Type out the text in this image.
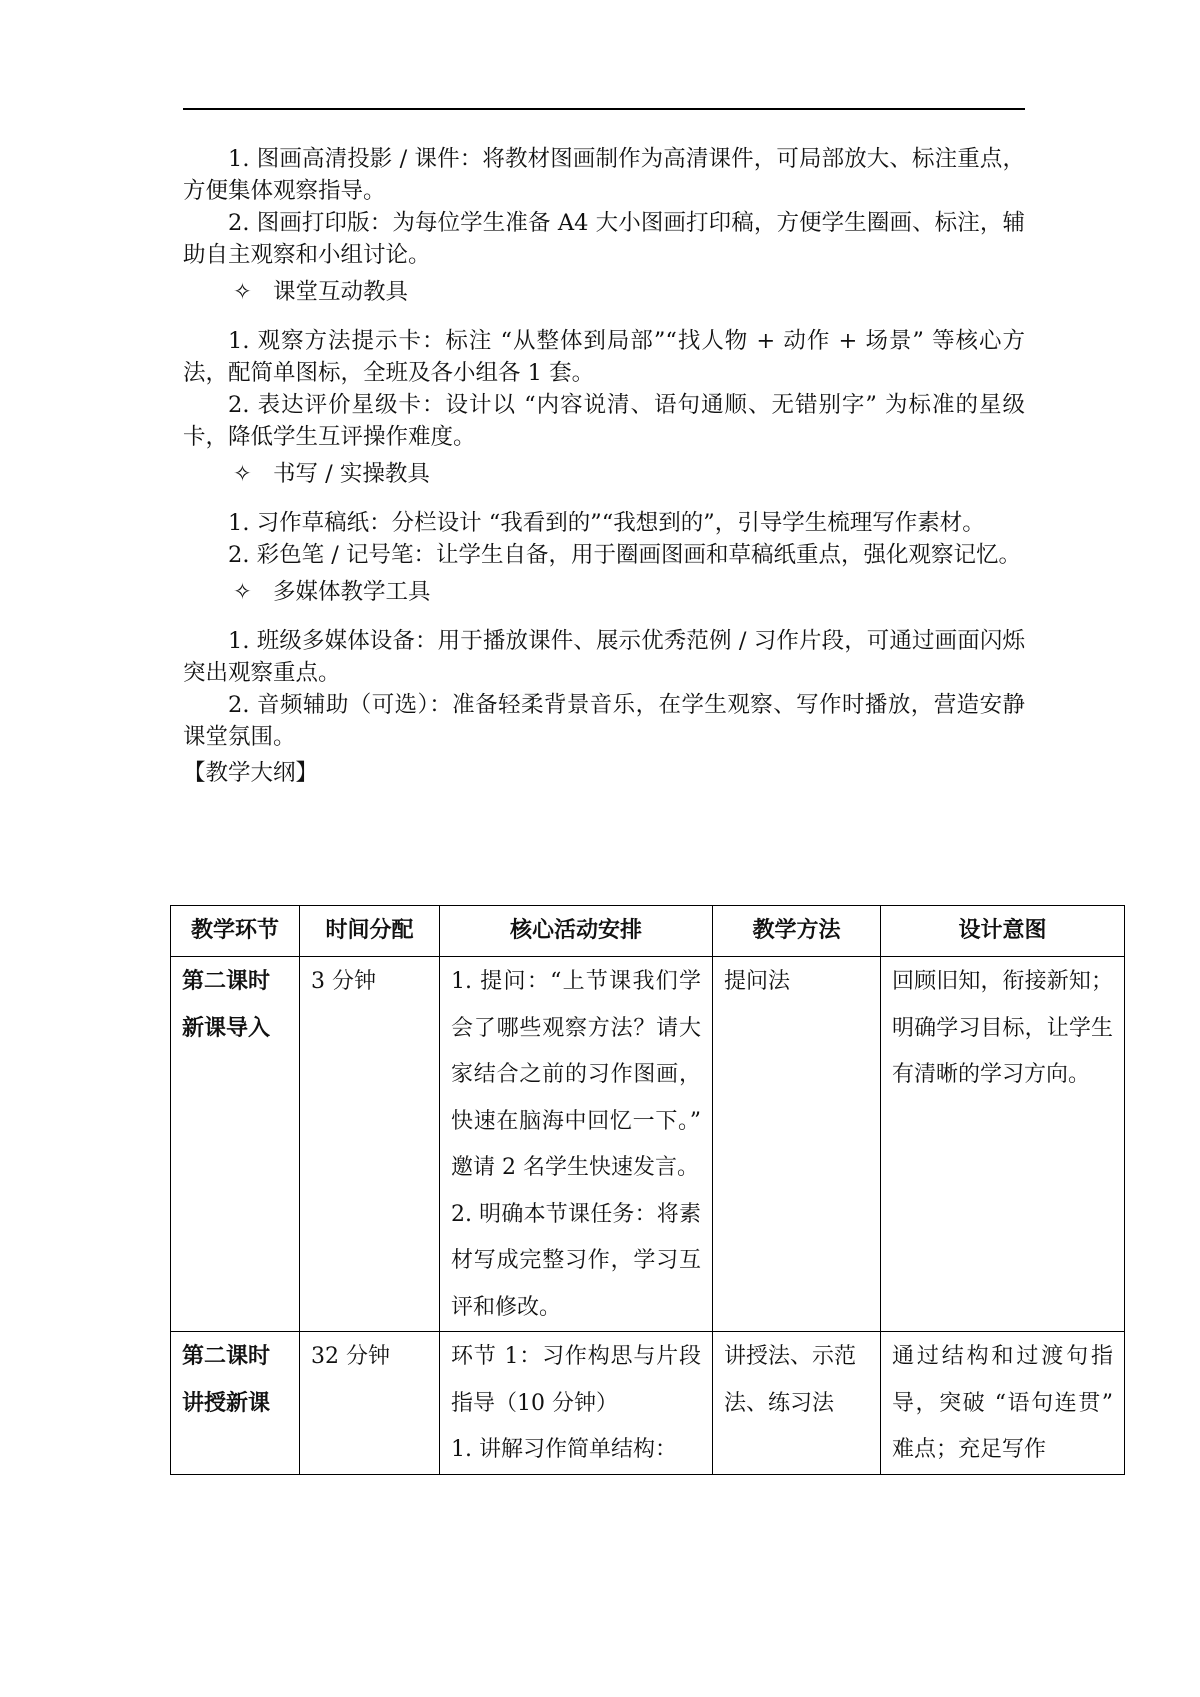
1. 图画高清投影 / 课件：将教材图画制作为高清课件，可局部放大、标注重点，方便集体观察指导。

2. 图画打印版：为每位学生准备 A4 大小图画打印稿，方便学生圈画、标注，辅助自主观察和小组讨论。

✧ 课堂互动教具

1. 观察方法提示卡：标注 “从整体到局部”“找人物 + 动作 + 场景” 等核心方法，配简单图标，全班及各小组各 1 套。

2. 表达评价星级卡：设计以 “内容说清、语句通顺、无错别字” 为标准的星级卡，降低学生互评操作难度。

✧ 书写 / 实操教具

1. 习作草稿纸：分栏设计 “我看到的”“我想到的”，引导学生梳理写作素材。

2. 彩色笔 / 记号笔：让学生自备，用于圈画图画和草稿纸重点，强化观察记忆。

✧ 多媒体教学工具

1. 班级多媒体设备：用于播放课件、展示优秀范例 / 习作片段，可通过画面闪烁突出观察重点。

2. 音频辅助（可选）：准备轻柔背景音乐，在学生观察、写作时播放，营造安静课堂氛围。

【教学大纲】

教学环节	时间分配	核心活动安排	教学方法	设计意图
第二课时新课导入	3 分钟	1. 提问：“上节课我们学会了哪些观察方法？请大家结合之前的习作图画，快速在脑海中回忆一下。” 邀请 2 名学生快速发言。
2. 明确本节课任务：将素材写成完整习作，学习互评和修改。	提问法	回顾旧知，衔接新知；明确学习目标，让学生有清晰的学习方向。
第二课时讲授新课	32 分钟	环节 1：习作构思与片段指导（10 分钟）
1. 讲解习作简单结构：	讲授法、示范法、练习法	通过结构和过渡句指导，突破 “语句连贯” 难点；充足写作
